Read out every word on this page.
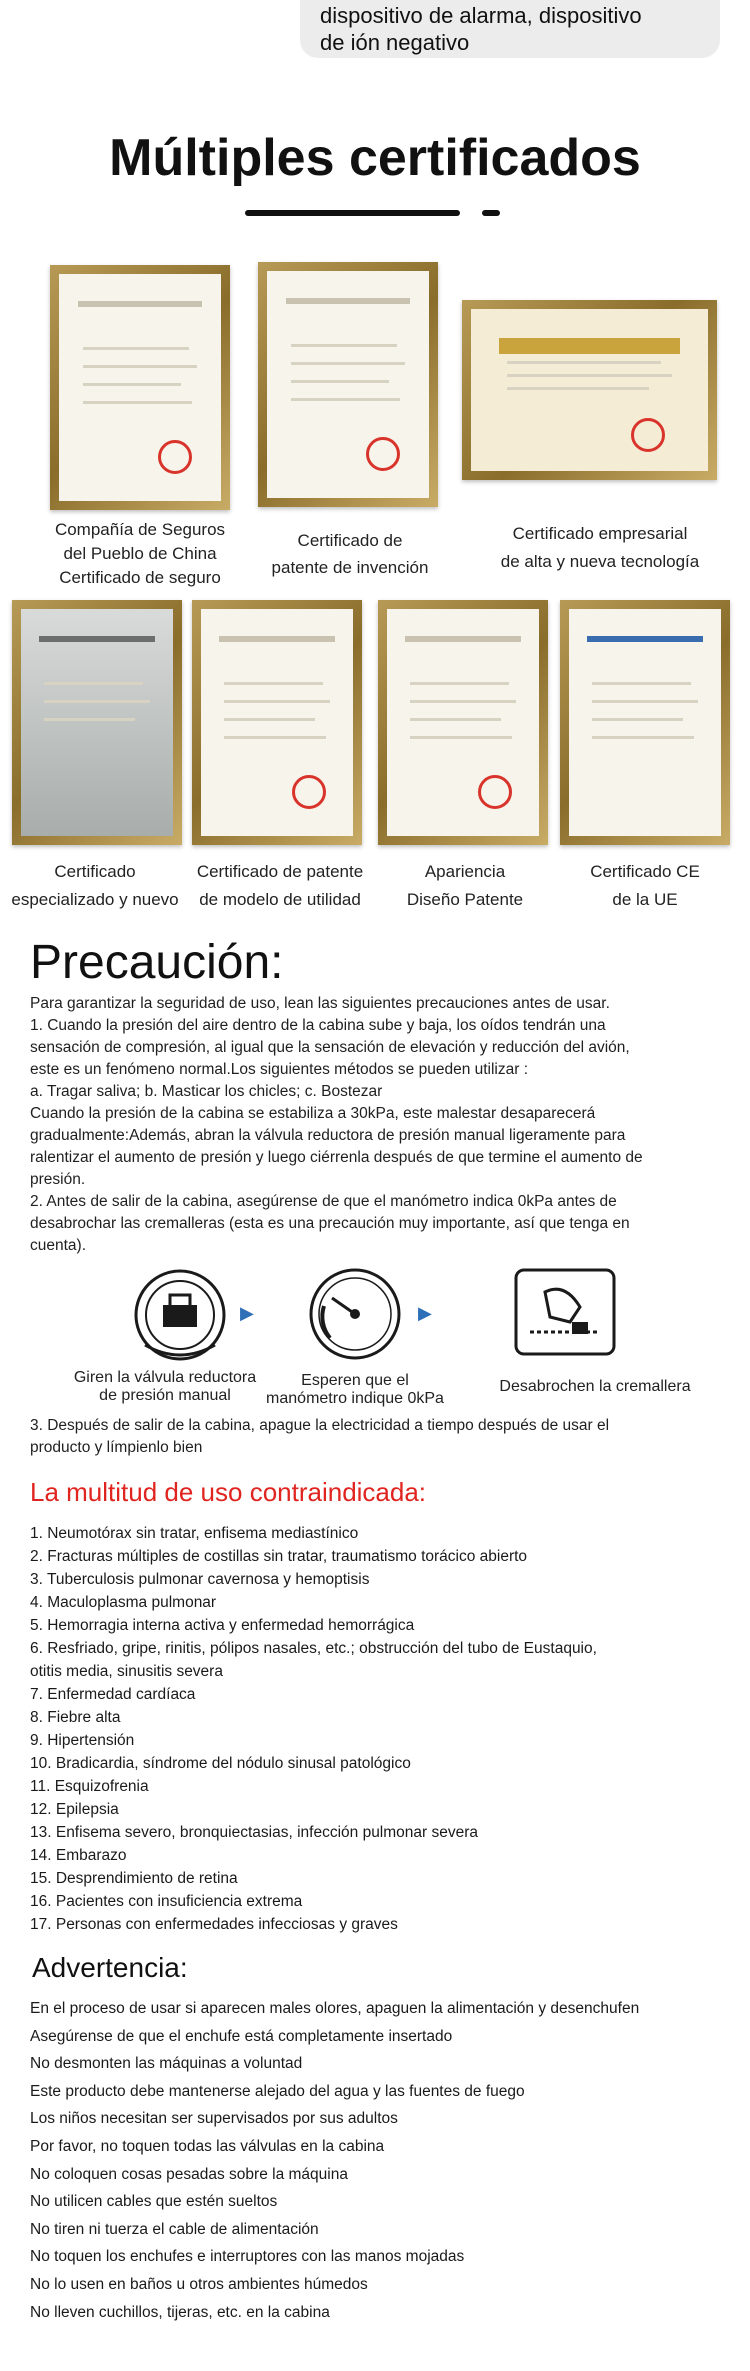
dispositivo de alarma, dispositivo
de ión negativo
Múltiples certificados
Compañía de Seguros
del Pueblo de China
Certificado de seguro
Certificado de
patente de invención
Certificado empresarial
de alta y nueva tecnología
Certificado
especializado y nuevo
Certificado de patente
de modelo de utilidad
Apariencia
Diseño Patente
Certificado CE
de la UE
Precaución:
Para garantizar la seguridad de uso, lean las siguientes precauciones antes de usar.
1. Cuando la presión del aire dentro de la cabina sube y baja, los oídos tendrán una
sensación de compresión, al igual que la sensación de elevación y reducción del avión,
este es un fenómeno normal.Los siguientes métodos se pueden utilizar :
a. Tragar saliva; b. Masticar los chicles; c. Bostezar
Cuando la presión de la cabina se estabiliza a 30kPa, este malestar desaparecerá
gradualmente:Además, abran la válvula reductora de presión manual ligeramente para
ralentizar el aumento de presión y luego ciérrenla después de que termine el aumento de
presión.
2. Antes de salir de la cabina, asegúrense de que el manómetro indica 0kPa antes de
desabrochar las cremalleras (esta es una precaución muy importante, así que tenga en
cuenta).
▶	▶
Giren la válvula reductora
de presión manual
Esperen que el
manómetro indique 0kPa
Desabrochen la cremallera
3. Después de salir de la cabina, apague la electricidad a tiempo después de usar el
producto y límpienlo bien
La multitud de uso contraindicada:
1. Neumotórax sin tratar, enfisema mediastínico
2. Fracturas múltiples de costillas sin tratar, traumatismo torácico abierto
3. Tuberculosis pulmonar cavernosa y hemoptisis
4. Maculoplasma pulmonar
5. Hemorragia interna activa y enfermedad hemorrágica
6. Resfriado, gripe, rinitis, pólipos nasales, etc.; obstrucción del tubo de Eustaquio,
otitis media, sinusitis severa
7. Enfermedad cardíaca
8. Fiebre alta
9. Hipertensión
10. Bradicardia, síndrome del nódulo sinusal patológico
11. Esquizofrenia
12. Epilepsia
13. Enfisema severo, bronquiectasias, infección pulmonar severa
14. Embarazo
15. Desprendimiento de retina
16. Pacientes con insuficiencia extrema
17. Personas con enfermedades infecciosas y graves
Advertencia:
En el proceso de usar si aparecen males olores, apaguen la alimentación y desenchufen
Asegúrense de que el enchufe está completamente insertado
No desmonten las máquinas a voluntad
Este producto debe mantenerse alejado del agua y las fuentes de fuego
Los niños necesitan ser supervisados por sus adultos
Por favor, no toquen todas las válvulas en la cabina
No coloquen cosas pesadas sobre la máquina
No utilicen cables que estén sueltos
No tiren ni tuerza el cable de alimentación
No toquen los enchufes e interruptores con las manos mojadas
No lo usen en baños u otros ambientes húmedos
No lleven cuchillos, tijeras, etc. en la cabina
